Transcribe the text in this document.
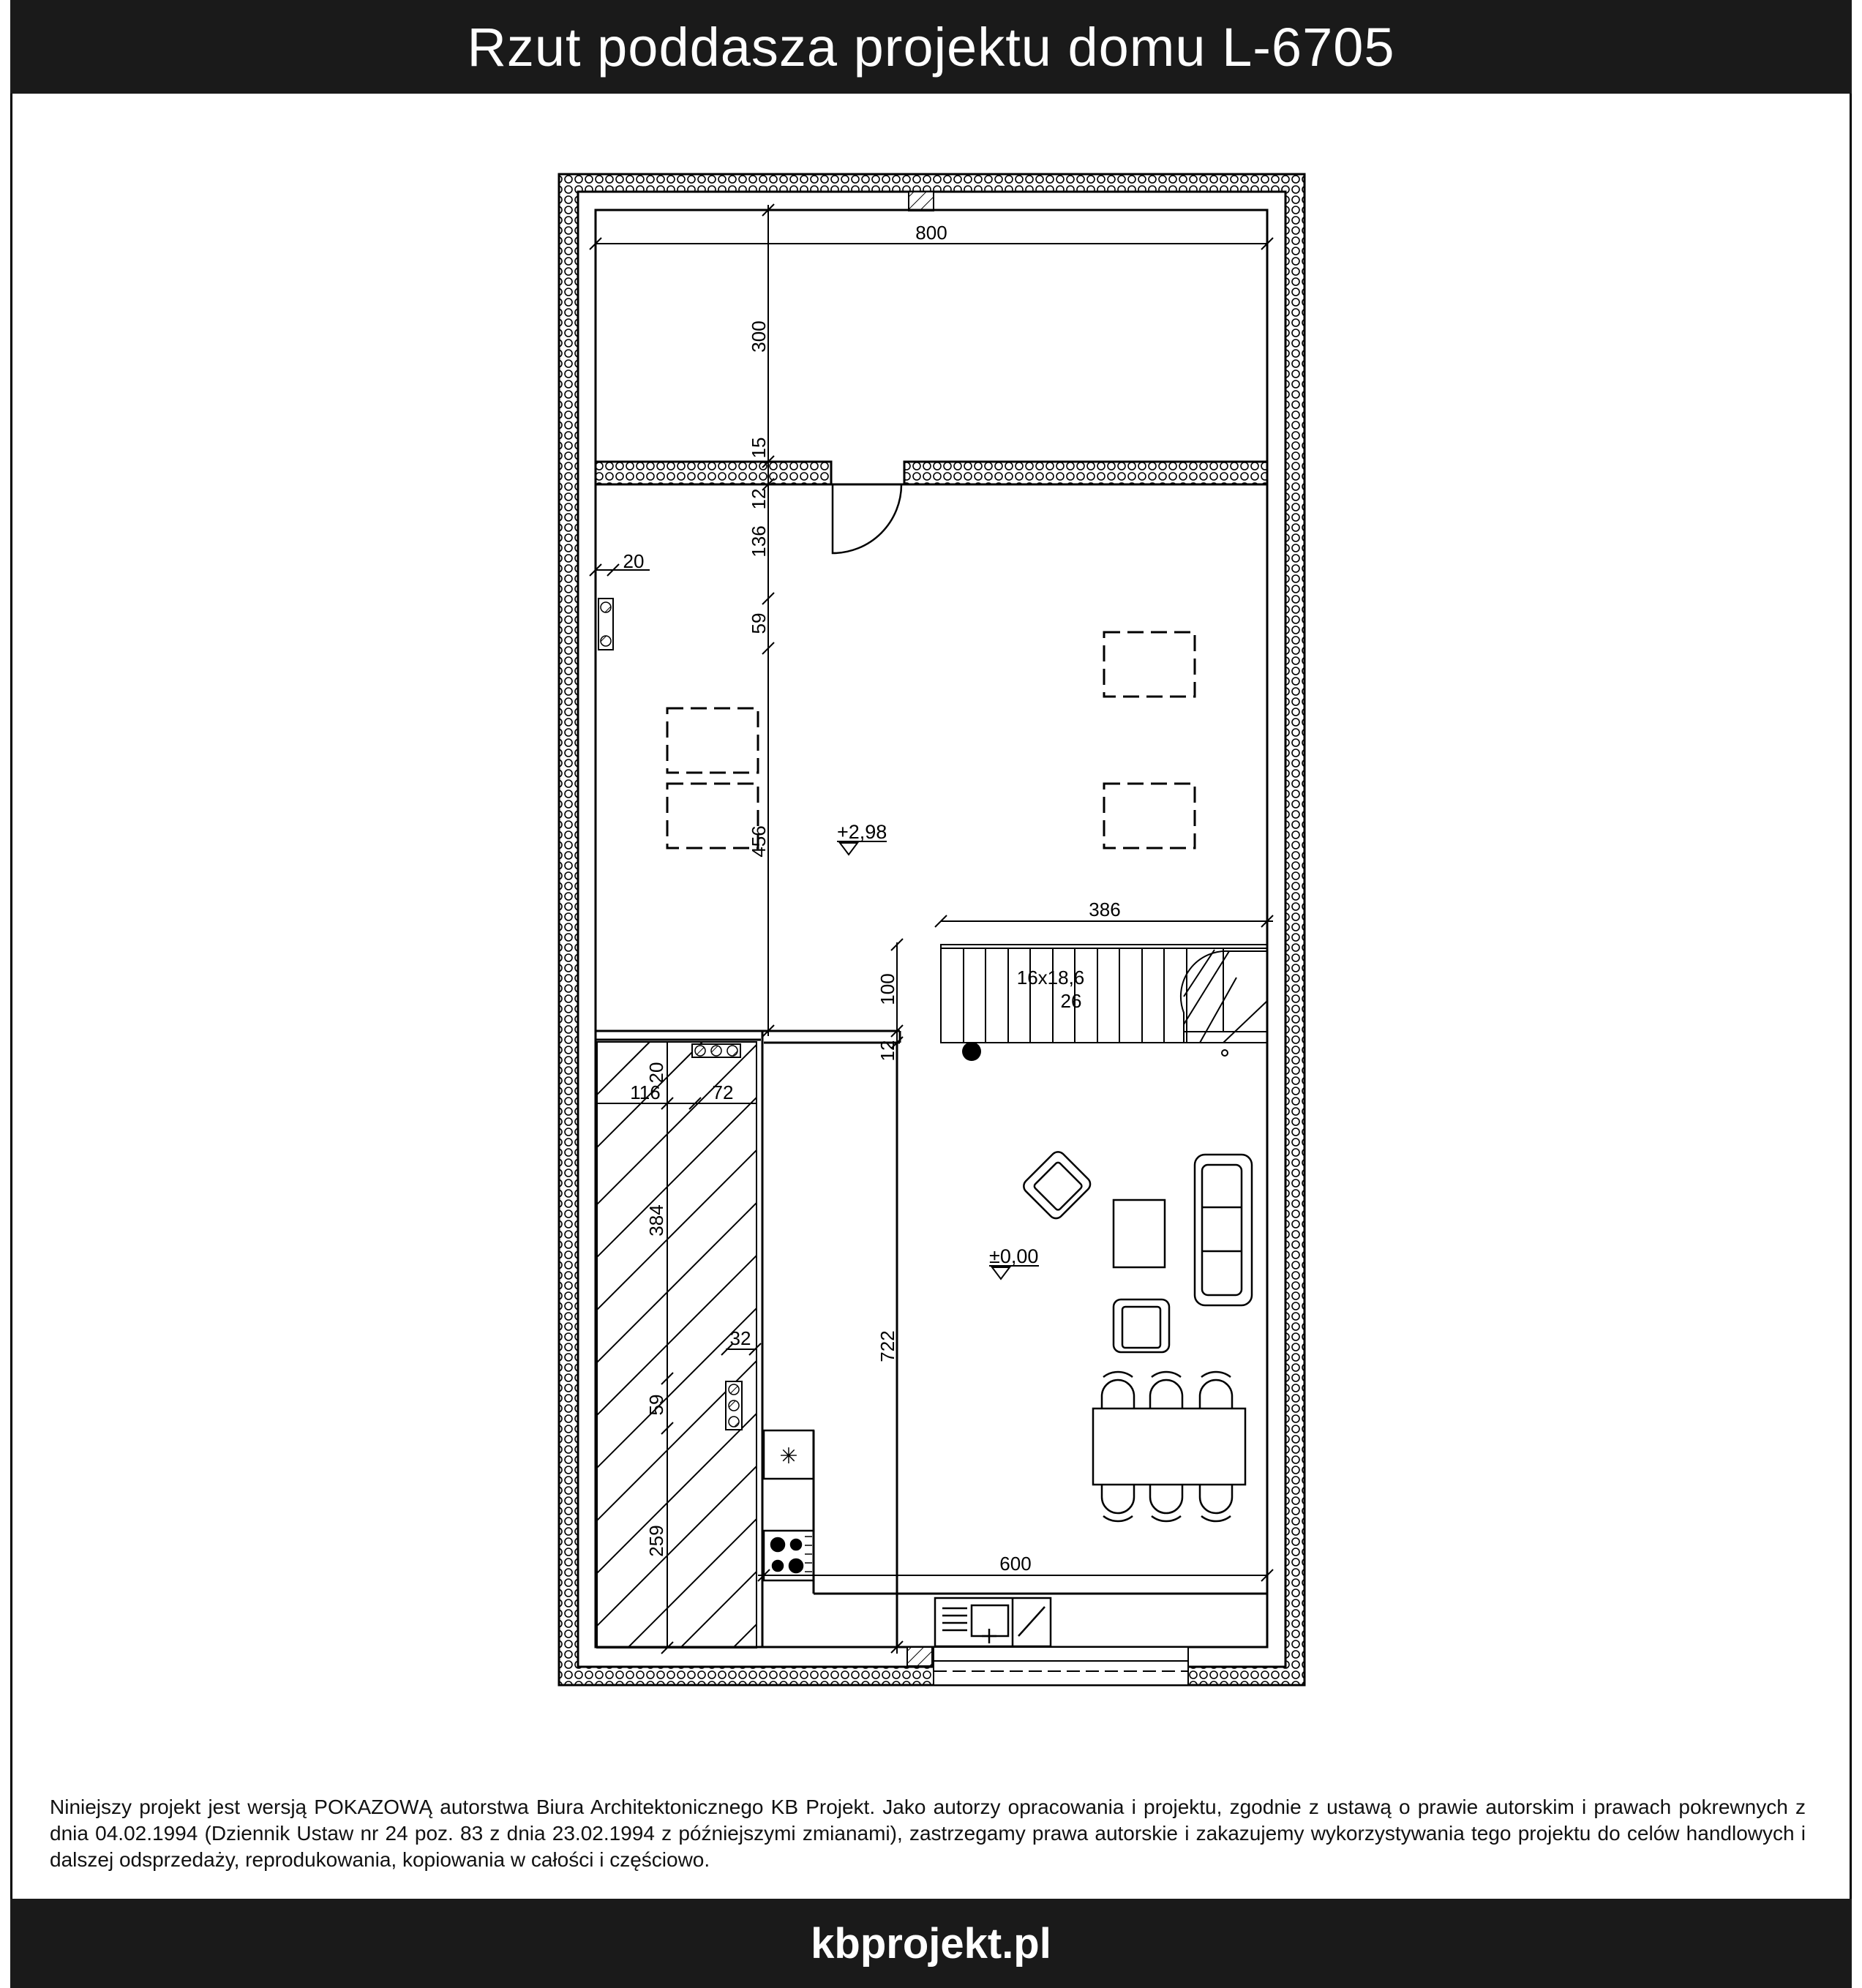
Rzut poddasza projektu domu L-6705
✳
800
300
15
12
136
20
59
456
386
100
12
20
116	72
384
32
59
259
722
600
16x18,6
26
+2,98
±0,00
Niniejszy projekt jest wersją POKAZOWĄ autorstwa Biura Architektonicznego KB Projekt. Jako autorzy opracowania i projektu, zgodnie z ustawą o prawie autorskim i prawach pokrewnych z dnia 04.02.1994 (Dziennik Ustaw nr 24 poz. 83 z dnia 23.02.1994 z późniejszymi zmianami), zastrzegamy prawa autorskie i zakazujemy wykorzystywania tego projektu do celów handlowych i dalszej odsprzedaży, reprodukowania, kopiowania w całości i częściowo.
kbprojekt.pl
